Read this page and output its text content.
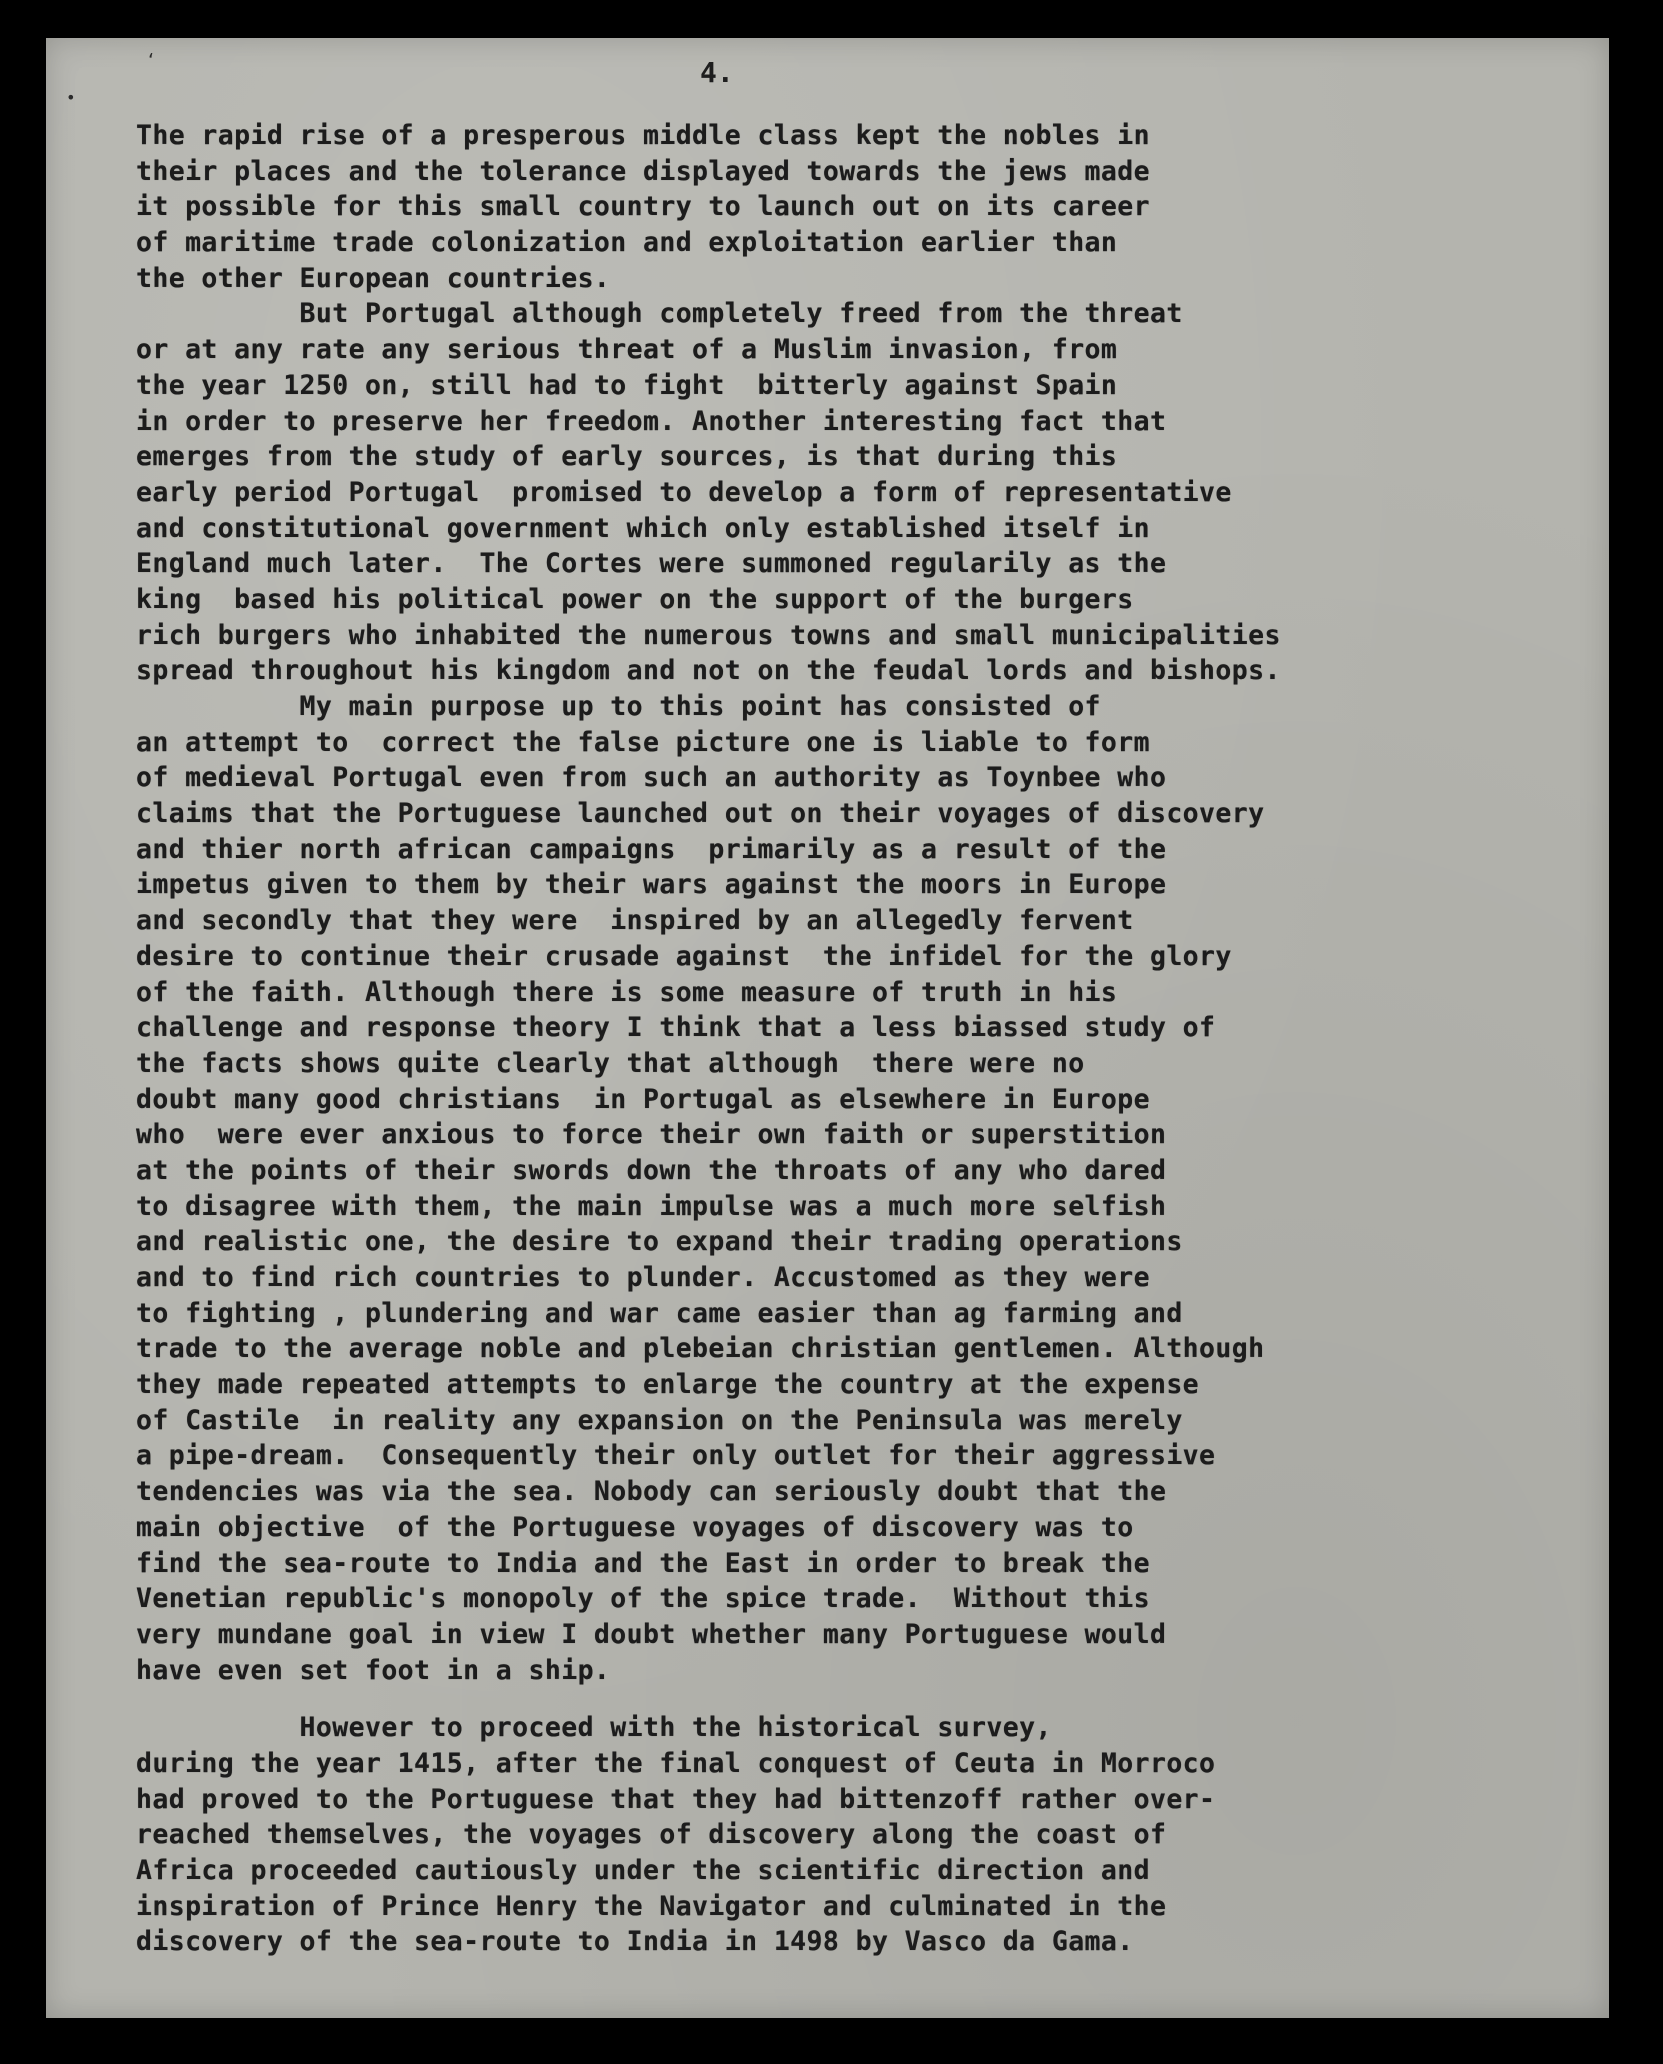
‘
•
4.
The rapid rise of a presperous middle class kept the nobles in
their places and the tolerance displayed towards the jews made
it possible for this small country to launch out on its career
of maritime trade colonization and exploitation earlier than
the other European countries.
But Portugal although completely freed from the threat
or at any rate any serious threat of a Muslim invasion, from
the year 1250 on, still had to fight  bitterly against Spain
in order to preserve her freedom. Another interesting fact that
emerges from the study of early sources, is that during this
early period Portugal  promised to develop a form of representative
and constitutional government which only established itself in
England much later.  The Cortes were summoned regularily as the
king  based his political power on the support of the burgers
rich burgers who inhabited the numerous towns and small municipalities
spread throughout his kingdom and not on the feudal lords and bishops.
My main purpose up to this point has consisted of
an attempt to  correct the false picture one is liable to form
of medieval Portugal even from such an authority as Toynbee who
claims that the Portuguese launched out on their voyages of discovery
and thier north african campaigns  primarily as a result of the
impetus given to them by their wars against the moors in Europe
and secondly that they were  inspired by an allegedly fervent
desire to continue their crusade against  the infidel for the glory
of the faith. Although there is some measure of truth in his
challenge and response theory I think that a less biassed study of
the facts shows quite clearly that although  there were no
doubt many good christians  in Portugal as elsewhere in Europe
who  were ever anxious to force their own faith or superstition
at the points of their swords down the throats of any who dared
to disagree with them, the main impulse was a much more selfish
and realistic one, the desire to expand their trading operations
and to find rich countries to plunder. Accustomed as they were
to fighting , plundering and war came easier than ag farming and
trade to the average noble and plebeian christian gentlemen. Although
they made repeated attempts to enlarge the country at the expense
of Castile  in reality any expansion on the Peninsula was merely
a pipe-dream.  Consequently their only outlet for their aggressive
tendencies was via the sea. Nobody can seriously doubt that the
main objective  of the Portuguese voyages of discovery was to
find the sea-route to India and the East in order to break the
Venetian republic's monopoly of the spice trade.  Without this
very mundane goal in view I doubt whether many Portuguese would
have even set foot in a ship.
However to proceed with the historical survey,
during the year 1415, after the final conquest of Ceuta in Morroco
had proved to the Portuguese that they had bittenzoff rather over-
reached themselves, the voyages of discovery along the coast of
Africa proceeded cautiously under the scientific direction and
inspiration of Prince Henry the Navigator and culminated in the
discovery of the sea-route to India in 1498 by Vasco da Gama.
